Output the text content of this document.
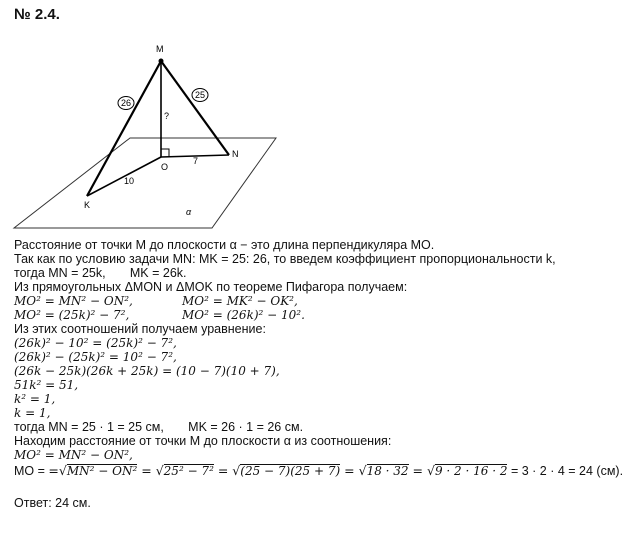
№ 2.4.
M
N
K
O
α
26
25
?
7
10
Расстояние от точки М до плоскости α − это длина перпендикуляра МО.
Так как по условию задачи MN: MK = 25: 26, то введем коэффициент пропорциональности k,
тогда MN = 25k,       MK = 26k.
Из прямоугольных ΔMON и ΔMOK по теореме Пифагора получаем:
MO² = MN² − ON²,	MO² = MK² − OK²,
MO² = (25k)² − 7²,	MO² = (26k)² − 10².
Из этих соотношений получаем уравнение:
(26k)² − 10² = (25k)² − 7²,
(26k)² − (25k)² = 10² − 7²,
(26k − 25k)(26k + 25k) = (10 − 7)(10 + 7),
51k² = 51,
k² = 1,
k = 1,
тогда MN = 25 · 1 = 25 см,       MK = 26 · 1 = 26 см.
Находим расстояние от точки M до плоскости α из соотношения:
MO² = MN² − ON²,
MO = =√MN² − ON² = √25² − 7² = √(25 − 7)(25 + 7) = √18 · 32 = √9 · 2 · 16 · 2 = 3 · 2 · 4 = 24 (см).
Ответ: 24 см.
